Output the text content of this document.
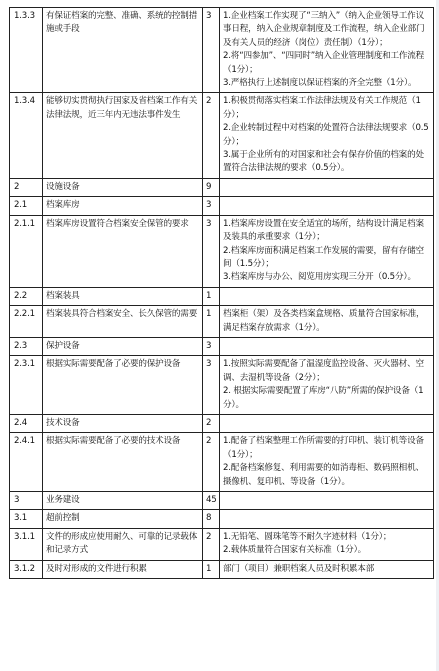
1.3.3	有保证档案的完整、准确、系统的控制措施或手段	3	1.企业档案工作实现了“三纳入”（纳入企业领导工作议事日程，纳入企业规章制度及工作流程，纳入企业部门及有关人员的经济（岗位）责任制）（1分）；
2.将“四参加”、“四同时”纳入企业管理制度和工作流程（1分）；
3.严格执行上述制度以保证档案的齐全完整（1分）。

1.3.4	能够切实贯彻执行国家及省档案工作有关法律法规，近三年内无违法事件发生	2	1.积极贯彻落实档案工作法律法规及有关工作规范（1分）；
2.企业转制过程中对档案的处置符合法律法规要求（0.5分）；
3.属于企业所有的对国家和社会有保存价值的档案的处置符合法律法规的要求（0.5分）。

2	设施设备	9	
2.1	档案库房	3	
2.1.1	档案库房设置符合档案安全保管的要求	3	1.档案库房设置在安全适宜的场所，结构设计满足档案及装具的承重要求（1分）；
2.档案库房面积满足档案工作发展的需要，留有存储空间（1.5分）；
3.档案库房与办公、阅览用房实现三分开（0.5分）。

2.2	档案装具	1	
2.2.1	档案装具符合档案安全、长久保管的需要	1	档案柜（架）及各类档案盒规格、质量符合国家标准，满足档案存放需求（1分）。

2.3	保护设备	3	
2.3.1	根据实际需要配备了必要的保护设备	3	1.按照实际需要配备了温湿度监控设备、灭火器材、空调、去湿机等设备（2分）；
2. 根据实际需要配置了库房“八防”所需的保护设备（1分）。

2.4	技术设备	2	
2.4.1	根据实际需要配备了必要的技术设备	2	1.配备了档案整理工作所需要的打印机、装订机等设备（1分）；
2.配备档案修复、利用需要的如消毒柜、数码照相机、摄像机、复印机、等设备（1分）。

3	业务建设	45	
3.1	超前控制	8	
3.1.1	文件的形成应使用耐久、可靠的记录载体和记录方式	2	1.无铅笔、圆珠笔等不耐久字迹材料（1分）；
2.载体质量符合国家有关标准（1分）。

3.1.2	及时对形成的文件进行积累	1	部门（项目）兼职档案人员及时积累本部
